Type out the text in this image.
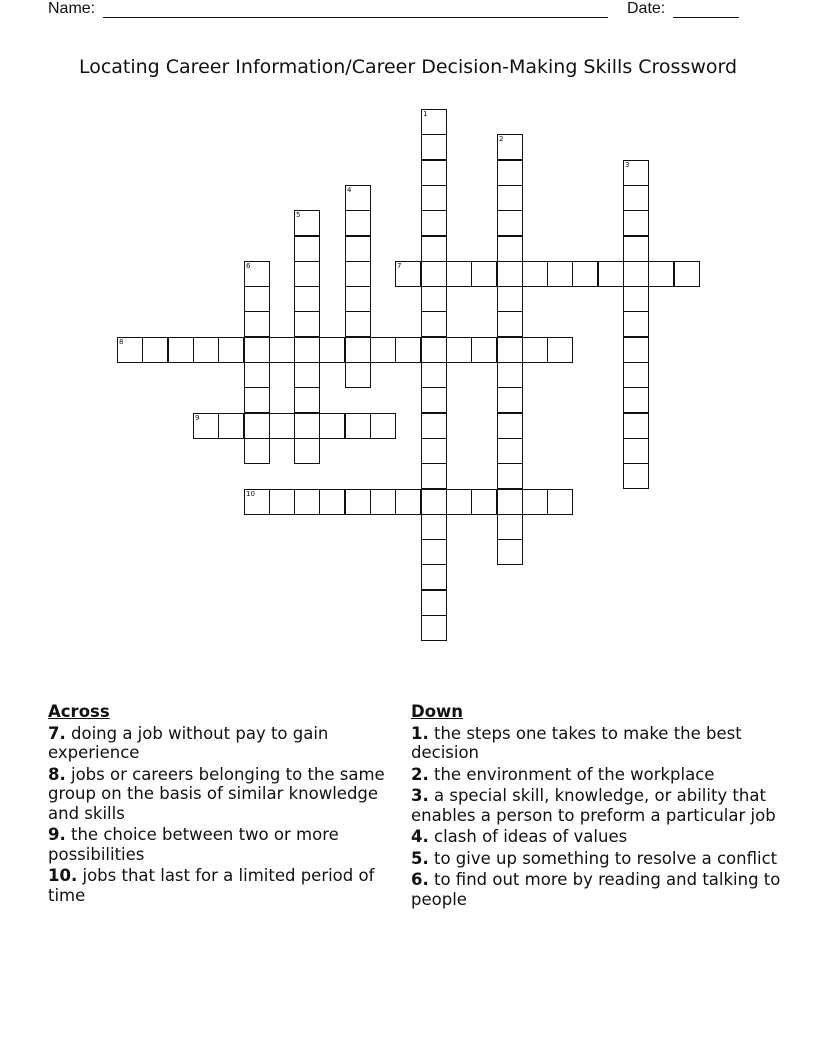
Name:	Date:
Locating Career Information/Career Decision-Making Skills Crossword
1
2
3
4
5
6	7
8
9
10
Across
7. doing a job without pay to gain experience
8. jobs or careers belonging to the same group on the basis of similar knowledge and skills
9. the choice between two or more possibilities
10. jobs that last for a limited period of time
Down
1. the steps one takes to make the best decision
2. the environment of the workplace
3. a special skill, knowledge, or ability that enables a person to preform a particular job
4. clash of ideas of values
5. to give up something to resolve a conflict
6. to find out more by reading and talking to people
